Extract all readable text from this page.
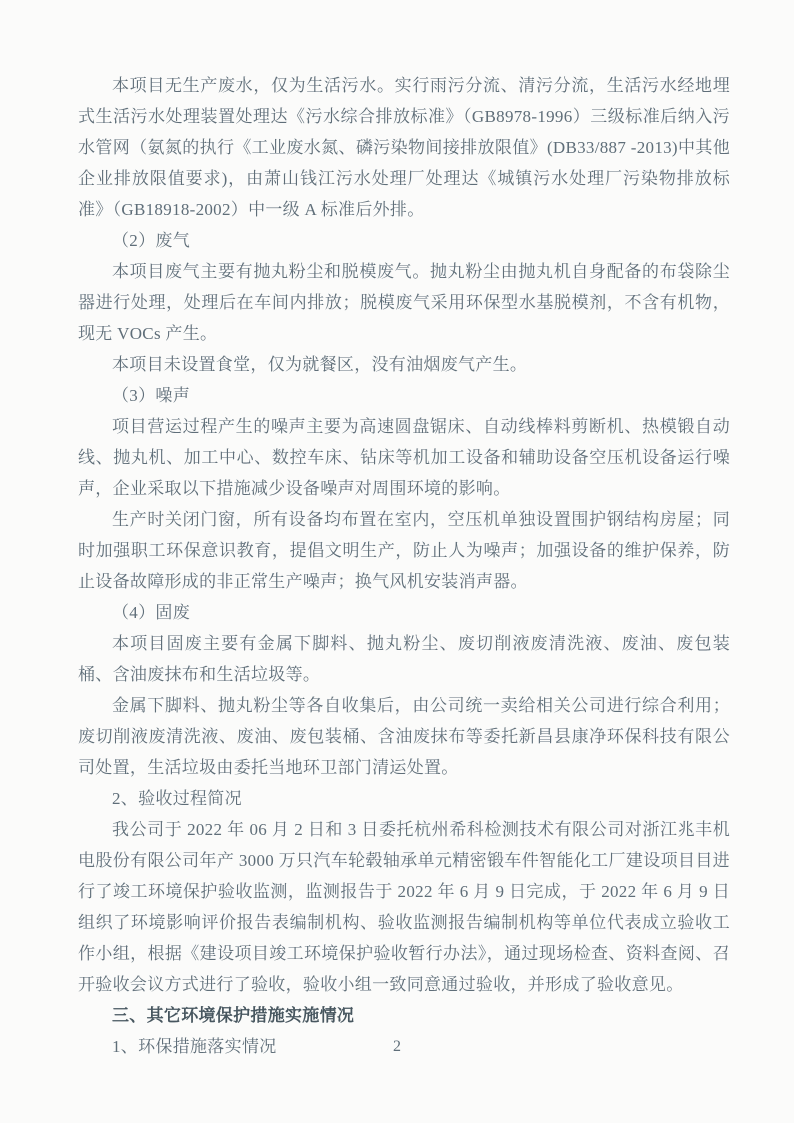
本项目无生产废水，仅为生活污水。实行雨污分流、清污分流，生活污水经地埋式生活污水处理装置处理达《污水综合排放标准》（GB8978-1996）三级标准后纳入污水管网（氨氮的执行《工业废水氮、磷污染物间接排放限值》(DB33/887 -2013)中其他企业排放限值要求)，由萧山钱江污水处理厂处理达《城镇污水处理厂污染物排放标准》（GB18918-2002）中一级 A 标准后外排。

（2）废气

本项目废气主要有抛丸粉尘和脱模废气。抛丸粉尘由抛丸机自身配备的布袋除尘器进行处理，处理后在车间内排放；脱模废气采用环保型水基脱模剂，不含有机物，现无 VOCs 产生。

本项目未设置食堂，仅为就餐区，没有油烟废气产生。

（3）噪声

项目营运过程产生的噪声主要为高速圆盘锯床、自动线棒料剪断机、热模锻自动线、抛丸机、加工中心、数控车床、钻床等机加工设备和辅助设备空压机设备运行噪声，企业采取以下措施减少设备噪声对周围环境的影响。

生产时关闭门窗，所有设备均布置在室内，空压机单独设置围护钢结构房屋；同时加强职工环保意识教育，提倡文明生产，防止人为噪声；加强设备的维护保养，防止设备故障形成的非正常生产噪声；换气风机安装消声器。

（4）固废

本项目固废主要有金属下脚料、抛丸粉尘、废切削液废清洗液、废油、废包装桶、含油废抹布和生活垃圾等。

金属下脚料、抛丸粉尘等各自收集后，由公司统一卖给相关公司进行综合利用；废切削液废清洗液、废油、废包装桶、含油废抹布等委托新昌县康净环保科技有限公司处置，生活垃圾由委托当地环卫部门清运处置。

2、验收过程简况

我公司于 2022 年 06 月 2 日和 3 日委托杭州希科检测技术有限公司对浙江兆丰机电股份有限公司年产 3000 万只汽车轮毂轴承单元精密锻车件智能化工厂建设项目目进行了竣工环境保护验收监测，监测报告于 2022 年 6 月 9 日完成，于 2022 年 6 月 9 日组织了环境影响评价报告表编制机构、验收监测报告编制机构等单位代表成立验收工作小组，根据《建设项目竣工环境保护验收暂行办法》，通过现场检查、资料查阅、召开验收会议方式进行了验收，验收小组一致同意通过验收，并形成了验收意见。

三、其它环境保护措施实施情况

1、环保措施落实情况	2
